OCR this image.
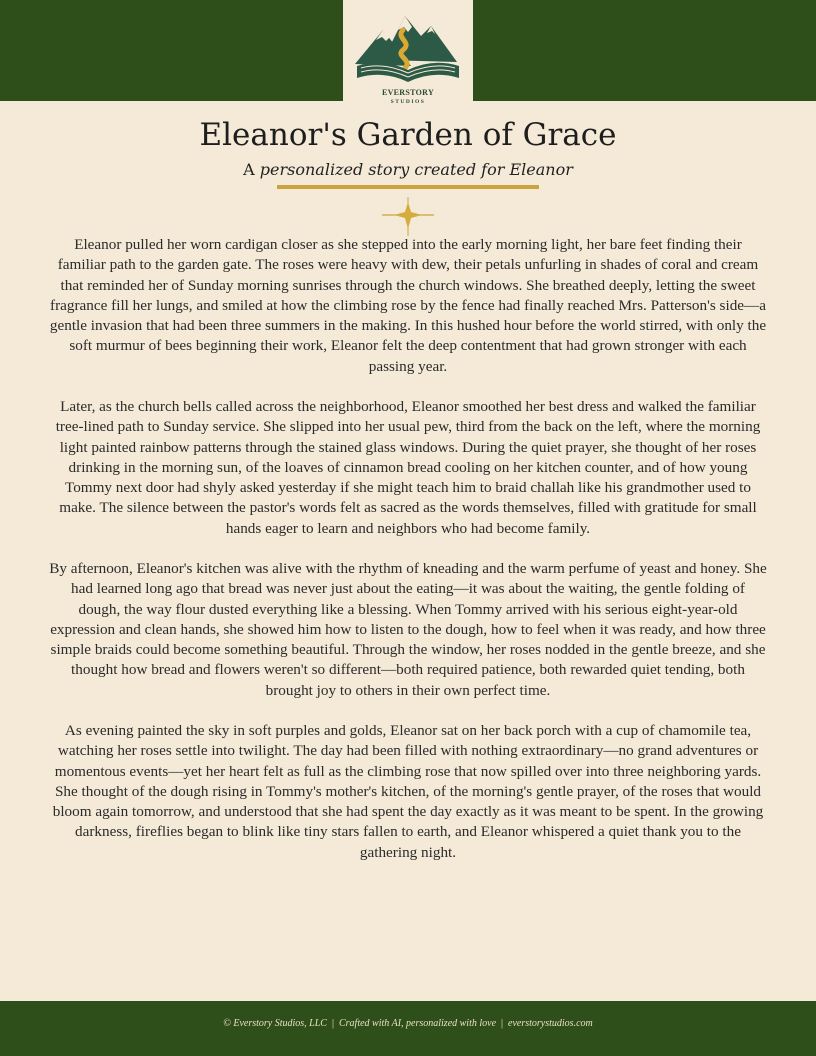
EVERSTORY
STUDIOS
Eleanor's Garden of Grace
A personalized story created for Eleanor

Eleanor pulled her worn cardigan closer as she stepped into the early morning light, her bare feet finding their familiar path to the garden gate. The roses were heavy with dew, their petals unfurling in shades of coral and cream that reminded her of Sunday morning sunrises through the church windows. She breathed deeply, letting the sweet fragrance fill her lungs, and smiled at how the climbing rose by the fence had finally reached Mrs. Patterson's side—a gentle invasion that had been three summers in the making. In this hushed hour before the world stirred, with only the soft murmur of bees beginning their work, Eleanor felt the deep contentment that had grown stronger with each passing year.

Later, as the church bells called across the neighborhood, Eleanor smoothed her best dress and walked the familiar tree-lined path to Sunday service. She slipped into her usual pew, third from the back on the left, where the morning light painted rainbow patterns through the stained glass windows. During the quiet prayer, she thought of her roses drinking in the morning sun, of the loaves of cinnamon bread cooling on her kitchen counter, and of how young Tommy next door had shyly asked yesterday if she might teach him to braid challah like his grandmother used to make. The silence between the pastor's words felt as sacred as the words themselves, filled with gratitude for small hands eager to learn and neighbors who had become family.

By afternoon, Eleanor's kitchen was alive with the rhythm of kneading and the warm perfume of yeast and honey. She had learned long ago that bread was never just about the eating—it was about the waiting, the gentle folding of dough, the way flour dusted everything like a blessing. When Tommy arrived with his serious eight-year-old expression and clean hands, she showed him how to listen to the dough, how to feel when it was ready, and how three simple braids could become something beautiful. Through the window, her roses nodded in the gentle breeze, and she thought how bread and flowers weren't so different—both required patience, both rewarded quiet tending, both brought joy to others in their own perfect time.

As evening painted the sky in soft purples and golds, Eleanor sat on her back porch with a cup of chamomile tea, watching her roses settle into twilight. The day had been filled with nothing extraordinary—no grand adventures or momentous events—yet her heart felt as full as the climbing rose that now spilled over into three neighboring yards. She thought of the dough rising in Tommy's mother's kitchen, of the morning's gentle prayer, of the roses that would bloom again tomorrow, and understood that she had spent the day exactly as it was meant to be spent. In the growing darkness, fireflies began to blink like tiny stars fallen to earth, and Eleanor whispered a quiet thank you to the gathering night.

© Everstory Studios, LLC | Crafted with AI, personalized with love | everstorystudios.com
